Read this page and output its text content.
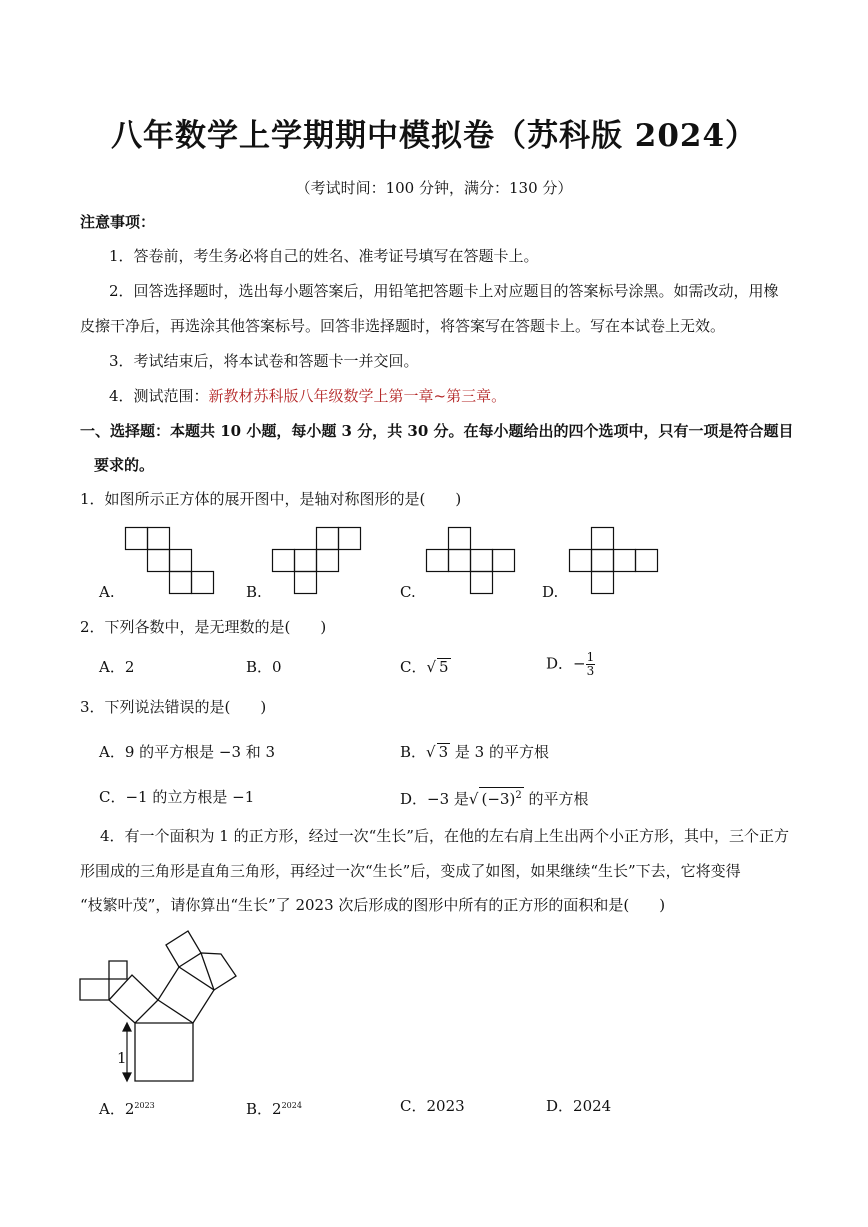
八年数学上学期期中模拟卷（苏科版 2024）
（考试时间：100 分钟，满分：130 分）
注意事项：
1．答卷前，考生务必将自己的姓名、准考证号填写在答题卡上。
2．回答选择题时，选出每小题答案后，用铅笔把答题卡上对应题目的答案标号涂黑。如需改动，用橡
皮擦干净后，再选涂其他答案标号。回答非选择题时，将答案写在答题卡上。写在本试卷上无效。
3．考试结束后，将本试卷和答题卡一并交回。
4．测试范围：新教材苏科版八年级数学上第一章~第三章。
一、选择题：本题共 10 小题，每小题 3 分，共 30 分。在每小题给出的四个选项中，只有一项是符合题目
要求的。
1．如图所示正方体的展开图中，是轴对称图形的是(　　)
A.	B.	C.	D.
2．下列各数中，是无理数的是(　　)
A．2	B．0	C．√ 5	D．− $\frac{1}{3}$
3．下列说法错误的是(　　)
A．9 的平方根是 −3 和 3	B．√ 3 是 3 的平方根
C．−1 的立方根是 −1	D．−3 是√ $(-3)^2$ 的平方根
4．有一个面积为 1 的正方形，经过一次“生长”后，在他的左右肩上生出两个小正方形，其中，三个正方
形围成的三角形是直角三角形，再经过一次“生长”后，变成了如图，如果继续“生长”下去，它将变得
“枝繁叶茂”，请你算出“生长”了 2023 次后形成的图形中所有的正方形的面积和是(　　)
1
A．$2^{2023}$	B．$2^{2024}$	C．2023	D．2024
